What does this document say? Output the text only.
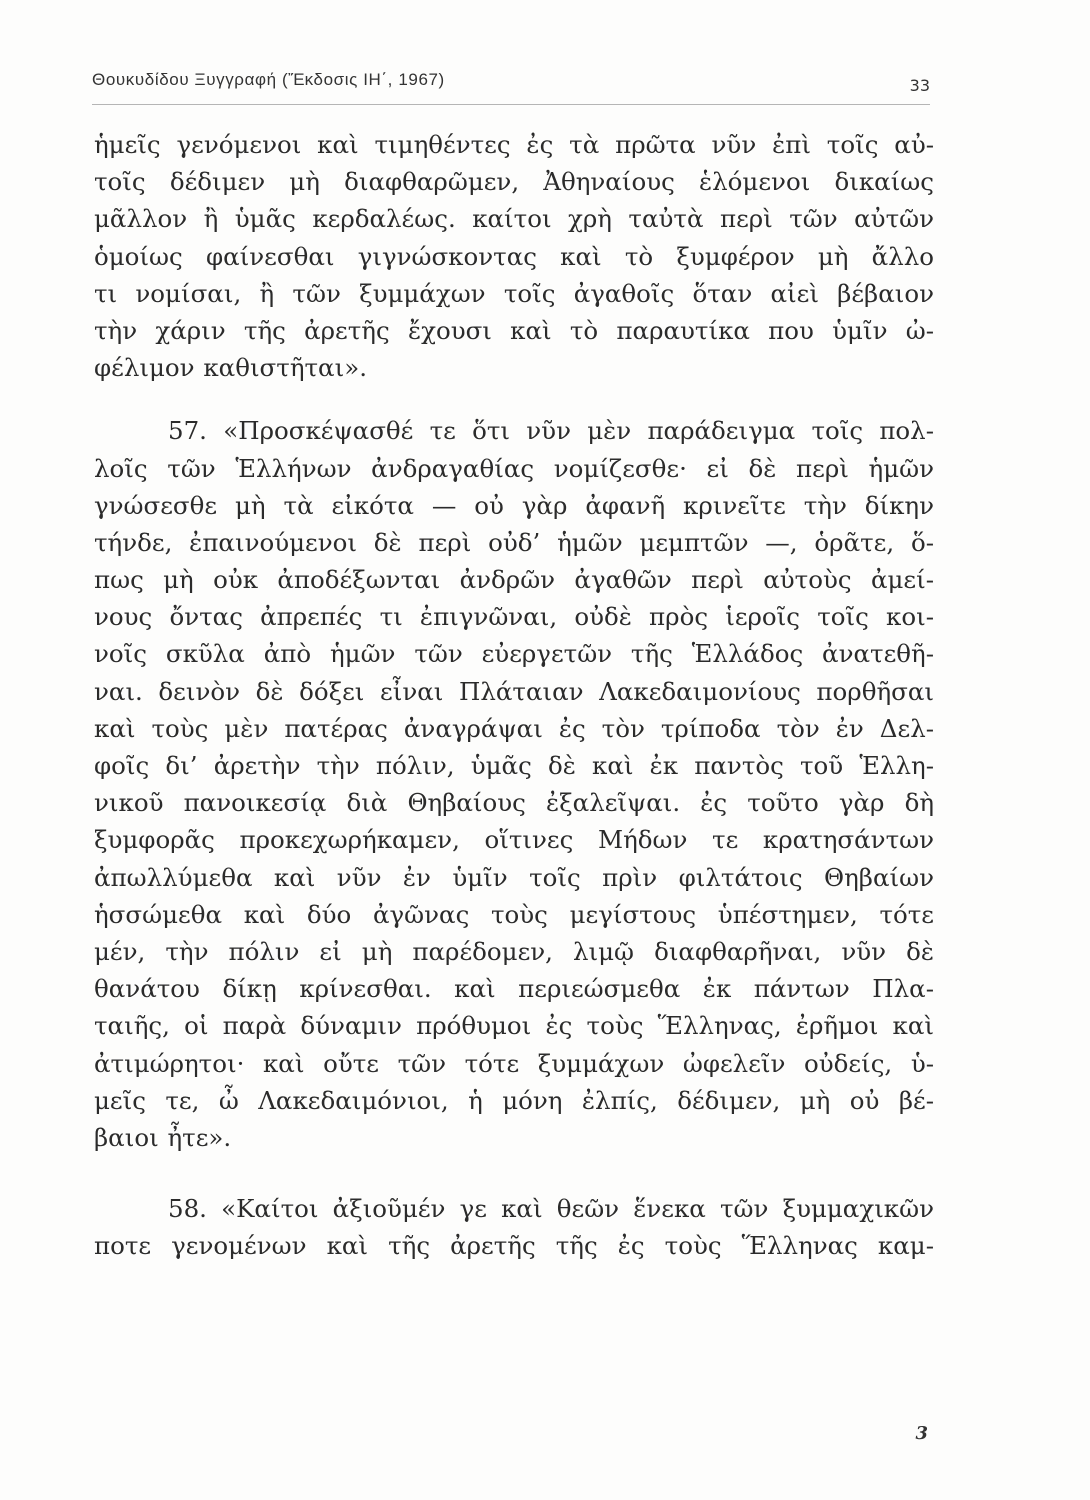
Θουκυδίδου Ξυγγραφή (Ἔκδοσις ΙΗ΄, 1967)	33
ἡμεῖς γενόμενοι καὶ τιμηθέντες ἐς τὰ πρῶτα νῦν ἐπὶ τοῖς αὐ-
τοῖς δέδιμεν μὴ διαφθαρῶμεν, Ἀθηναίους ἑλόμενοι δικαίως
μᾶλλον ἢ ὑμᾶς κερδαλέως. καίτοι χρὴ ταὐτὰ περὶ τῶν αὐτῶν
ὁμοίως φαίνεσθαι γιγνώσκοντας καὶ τὸ ξυμφέρον μὴ ἄλλο
τι νομίσαι, ἢ τῶν ξυμμάχων τοῖς ἀγαθοῖς ὅταν αἰεὶ βέβαιον
τὴν χάριν τῆς ἀρετῆς ἔχουσι καὶ τὸ παραυτίκα που ὑμῖν ὠ-
φέλιμον καθιστῆται».
57. «Προσκέψασθέ τε ὅτι νῦν μὲν παράδειγμα τοῖς πολ-
λοῖς τῶν Ἑλλήνων ἀνδραγαθίας νομίζεσθε· εἰ δὲ περὶ ἡμῶν
γνώσεσθε μὴ τὰ εἰκότα — οὐ γὰρ ἀφανῆ κρινεῖτε τὴν δίκην
τήνδε, ἐπαινούμενοι δὲ περὶ οὐδ’ ἡμῶν μεμπτῶν —, ὁρᾶτε, ὅ-
πως μὴ οὐκ ἀποδέξωνται ἀνδρῶν ἀγαθῶν περὶ αὐτοὺς ἀμεί-
νους ὄντας ἀπρεπές τι ἐπιγνῶναι, οὐδὲ πρὸς ἱεροῖς τοῖς κοι-
νοῖς σκῦλα ἀπὸ ἡμῶν τῶν εὐεργετῶν τῆς Ἑλλάδος ἀνατεθῆ-
ναι. δεινὸν δὲ δόξει εἶναι Πλάταιαν Λακεδαιμονίους πορθῆσαι
καὶ τοὺς μὲν πατέρας ἀναγράψαι ἐς τὸν τρίποδα τὸν ἐν Δελ-
φοῖς δι’ ἀρετὴν τὴν πόλιν, ὑμᾶς δὲ καὶ ἐκ παντὸς τοῦ Ἑλλη-
νικοῦ πανοικεσίᾳ διὰ Θηβαίους ἐξαλεῖψαι. ἐς τοῦτο γὰρ δὴ
ξυμφορᾶς προκεχωρήκαμεν, οἵτινες Μήδων τε κρατησάντων
ἀπωλλύμεθα καὶ νῦν ἐν ὑμῖν τοῖς πρὶν φιλτάτοις Θηβαίων
ἡσσώμεθα καὶ δύο ἀγῶνας τοὺς μεγίστους ὑπέστημεν, τότε
μέν, τὴν πόλιν εἰ μὴ παρέδομεν, λιμῷ διαφθαρῆναι, νῦν δὲ
θανάτου δίκῃ κρίνεσθαι. καὶ περιεώσμεθα ἐκ πάντων Πλα-
ταιῆς, οἱ παρὰ δύναμιν πρόθυμοι ἐς τοὺς Ἕλληνας, ἐρῆμοι καὶ
ἀτιμώρητοι· καὶ οὔτε τῶν τότε ξυμμάχων ὠφελεῖν οὐδείς, ὑ-
μεῖς τε, ὦ Λακεδαιμόνιοι, ἡ μόνη ἐλπίς, δέδιμεν, μὴ οὐ βέ-
βαιοι ἦτε».
58. «Καίτοι ἀξιοῦμέν γε καὶ θεῶν ἕνεκα τῶν ξυμμαχικῶν
ποτε γενομένων καὶ τῆς ἀρετῆς τῆς ἐς τοὺς Ἕλληνας καμ-
3
